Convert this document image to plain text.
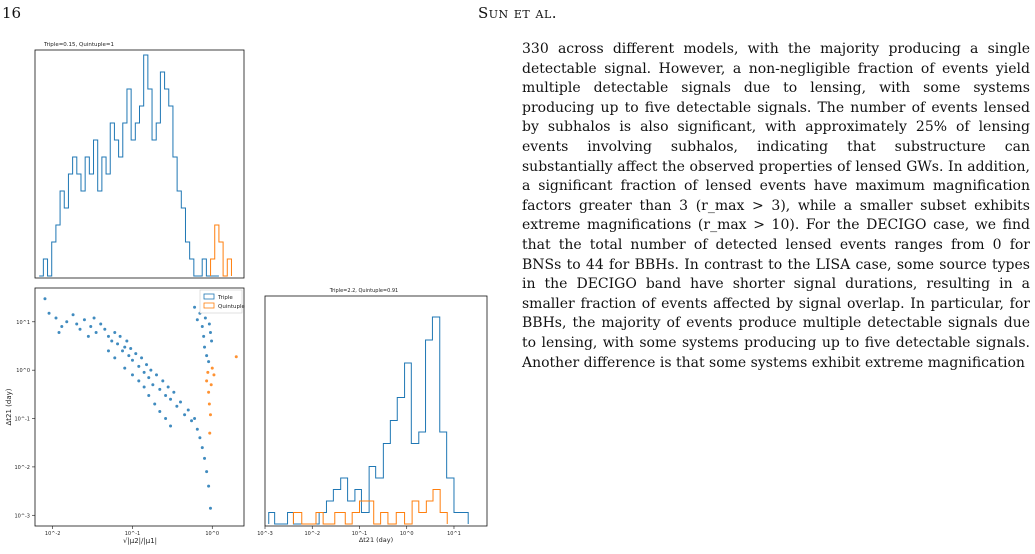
16	Sun et al.
Triple=0.15, Quintuple=1
Triple=2.2, Quintuple=0.91
10^-3	10^-2	10^-1	10^0	10^1
Δt21 (day)
10^1
10^0
10^-1
10^-2
10^-3
10^-2	10^-1	10^0
√|μ2|/|μ1|
Δt21 (day)
Triple
Quintuple

330 across different models, with the majority producing a single detectable signal. However, a non-negligible fraction of events yield multiple detectable signals due to lensing, with some systems producing up to five detectable signals. The number of events lensed by subhalos is also significant, with approximately 25% of lensing events involving subhalos, indicating that substructure can substantially affect the observed properties of lensed GWs. In addition, a significant fraction of lensed events have maximum magnification factors greater than 3 (r_max > 3), while a smaller subset exhibits extreme magnifications (r_max > 10). For the DECIGO case, we find that the total number of detected lensed events ranges from 0 for BNSs to 44 for BBHs. In contrast to the LISA case, some source types in the DECIGO band have shorter signal durations, resulting in a smaller fraction of events affected by signal overlap. In particular, for BBHs, the majority of events produce multiple detectable signals due to lensing, with some systems producing up to five detectable signals. Another difference is that some systems exhibit extreme magnification
